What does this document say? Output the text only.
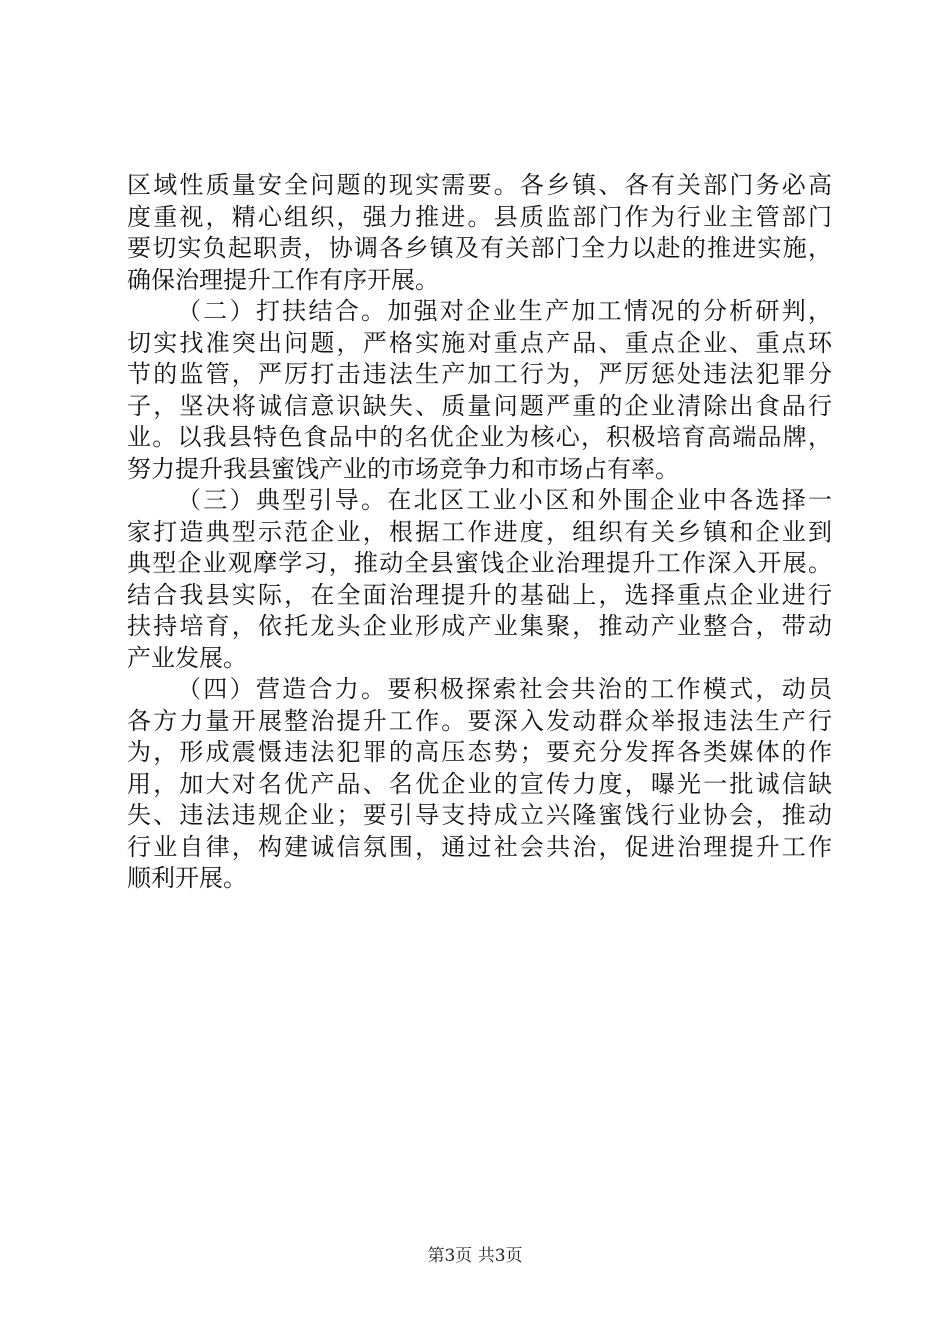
区域性质量安全问题的现实需要。各乡镇、各有关部门务必高
度重视，精心组织，强力推进。县质监部门作为行业主管部门
要切实负起职责，协调各乡镇及有关部门全力以赴的推进实施，
确保治理提升工作有序开展。
（二）打扶结合。加强对企业生产加工情况的分析研判，
切实找准突出问题，严格实施对重点产品、重点企业、重点环
节的监管，严厉打击违法生产加工行为，严厉惩处违法犯罪分
子，坚决将诚信意识缺失、质量问题严重的企业清除出食品行
业。以我县特色食品中的名优企业为核心，积极培育高端品牌，
努力提升我县蜜饯产业的市场竞争力和市场占有率。
（三）典型引导。在北区工业小区和外围企业中各选择一
家打造典型示范企业，根据工作进度，组织有关乡镇和企业到
典型企业观摩学习，推动全县蜜饯企业治理提升工作深入开展。
结合我县实际，在全面治理提升的基础上，选择重点企业进行
扶持培育，依托龙头企业形成产业集聚，推动产业整合，带动
产业发展。
（四）营造合力。要积极探索社会共治的工作模式，动员
各方力量开展整治提升工作。要深入发动群众举报违法生产行
为，形成震慑违法犯罪的高压态势；要充分发挥各类媒体的作
用，加大对名优产品、名优企业的宣传力度，曝光一批诚信缺
失、违法违规企业；要引导支持成立兴隆蜜饯行业协会，推动
行业自律，构建诚信氛围，通过社会共治，促进治理提升工作
顺利开展。
第3页 共3页
